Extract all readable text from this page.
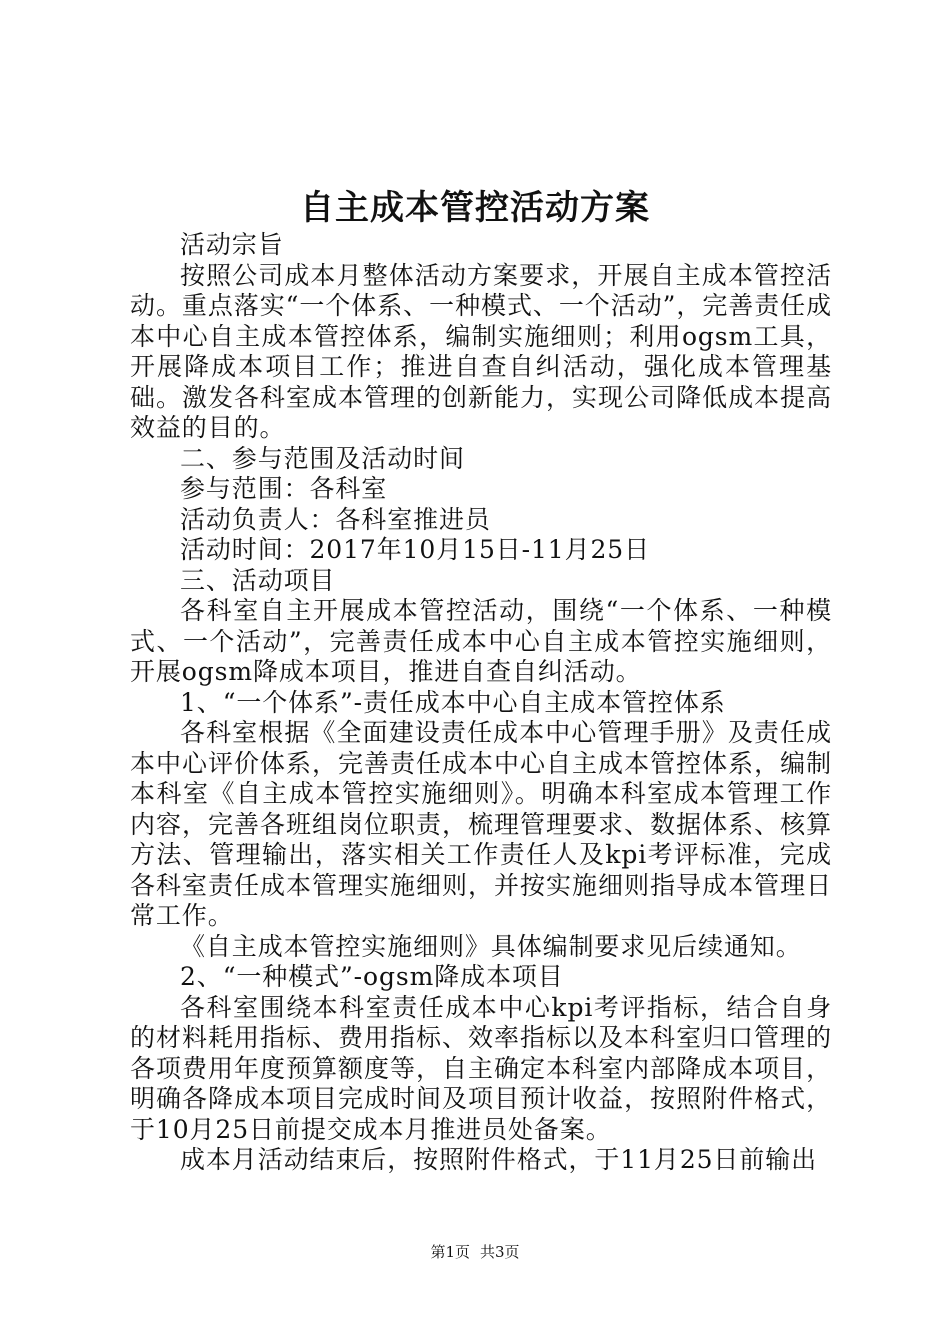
自主成本管控活动方案

活动宗旨

按照公司成本月整体活动方案要求，开展自主成本管控活动。重点落实“一个体系、一种模式、一个活动”，完善责任成本中心自主成本管控体系，编制实施细则；利用ogsm工具，开展降成本项目工作；推进自查自纠活动，强化成本管理基础。激发各科室成本管理的创新能力，实现公司降低成本提高效益的目的。

二、参与范围及活动时间

参与范围：各科室

活动负责人：各科室推进员

活动时间：2017年10月15日-11月25日

三、活动项目

各科室自主开展成本管控活动，围绕“一个体系、一种模式、一个活动”，完善责任成本中心自主成本管控实施细则，开展ogsm降成本项目，推进自查自纠活动。

1、“一个体系”-责任成本中心自主成本管控体系

各科室根据《全面建设责任成本中心管理手册》及责任成本中心评价体系，完善责任成本中心自主成本管控体系，编制本科室《自主成本管控实施细则》。明确本科室成本管理工作内容，完善各班组岗位职责，梳理管理要求、数据体系、核算方法、管理输出，落实相关工作责任人及kpi考评标准，完成各科室责任成本管理实施细则，并按实施细则指导成本管理日常工作。

《自主成本管控实施细则》具体编制要求见后续通知。

2、“一种模式”-ogsm降成本项目

各科室围绕本科室责任成本中心kpi考评指标，结合自身的材料耗用指标、费用指标、效率指标以及本科室归口管理的各项费用年度预算额度等，自主确定本科室内部降成本项目，明确各降成本项目完成时间及项目预计收益，按照附件格式，于10月25日前提交成本月推进员处备案。

成本月活动结束后，按照附件格式，于11月25日前输出

第1页 共3页
